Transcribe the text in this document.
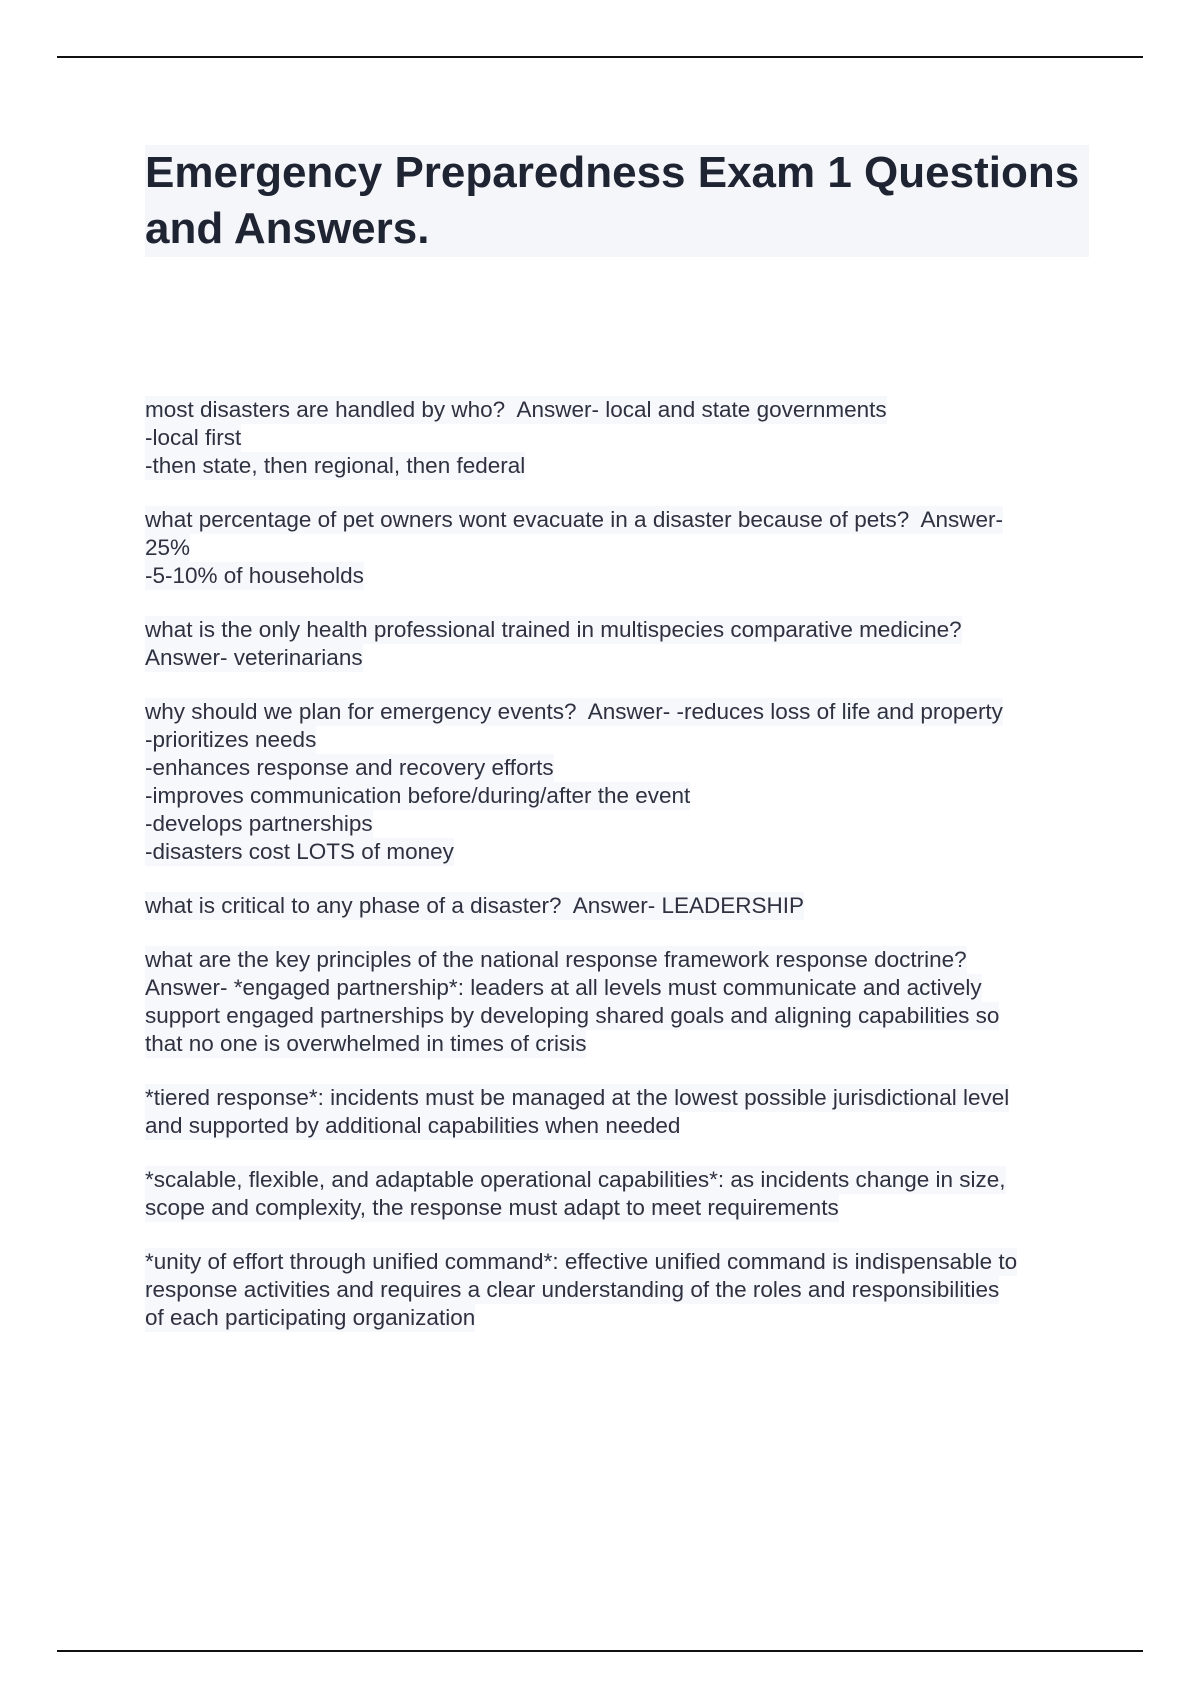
Emergency Preparedness Exam 1 Questions and Answers.
most disasters are handled by who?  Answer- local and state governments
-local first
-then state, then regional, then federal
what percentage of pet owners wont evacuate in a disaster because of pets?  Answer-
25%
-5-10% of households
what is the only health professional trained in multispecies comparative medicine?
Answer- veterinarians
why should we plan for emergency events?  Answer- -reduces loss of life and property
-prioritizes needs
-enhances response and recovery efforts
-improves communication before/during/after the event
-develops partnerships
-disasters cost LOTS of money
what is critical to any phase of a disaster?  Answer- LEADERSHIP
what are the key principles of the national response framework response doctrine?
Answer- *engaged partnership*: leaders at all levels must communicate and actively
support engaged partnerships by developing shared goals and aligning capabilities so
that no one is overwhelmed in times of crisis
*tiered response*: incidents must be managed at the lowest possible jurisdictional level
and supported by additional capabilities when needed
*scalable, flexible, and adaptable operational capabilities*: as incidents change in size,
scope and complexity, the response must adapt to meet requirements
*unity of effort through unified command*: effective unified command is indispensable to
response activities and requires a clear understanding of the roles and responsibilities
of each participating organization
